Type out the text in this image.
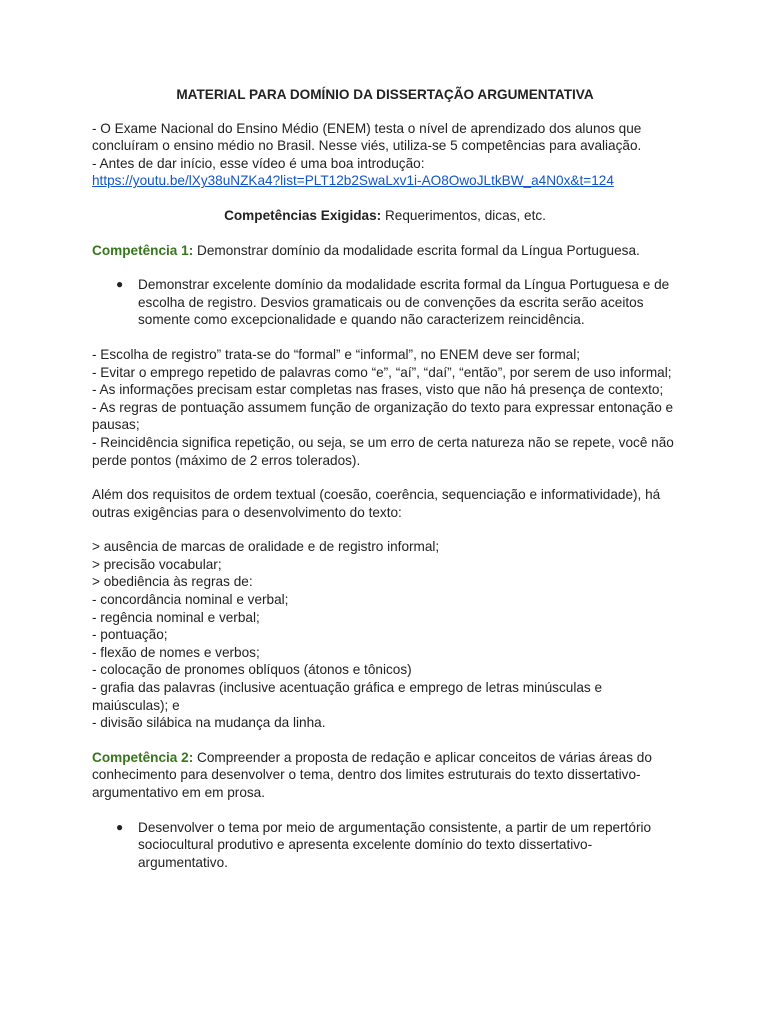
MATERIAL PARA DOMÍNIO DA DISSERTAÇÃO ARGUMENTATIVA

- O Exame Nacional do Ensino Médio (ENEM) testa o nível de aprendizado dos alunos que concluíram o ensino médio no Brasil. Nesse viés, utiliza-se 5 competências para avaliação.

- Antes de dar início, esse vídeo é uma boa introdução:

https://youtu.be/lXy38uNZKa4?list=PLT12b2SwaLxv1i-AO8OwoJLtkBW_a4N0x&t=124

Competências Exigidas: Requerimentos, dicas, etc.

Competência 1: Demonstrar domínio da modalidade escrita formal da Língua Portuguesa.

● Demonstrar excelente domínio da modalidade escrita formal da Língua Portuguesa e de escolha de registro. Desvios gramaticais ou de convenções da escrita serão aceitos somente como excepcionalidade e quando não caracterizem reincidência.

- Escolha de registro” trata-se do “formal” e “informal”, no ENEM deve ser formal;

- Evitar o emprego repetido de palavras como “e”, “aí”, “daí”, “então”, por serem de uso informal;

- As informações precisam estar completas nas frases, visto que não há presença de contexto;

- As regras de pontuação assumem função de organização do texto para expressar entonação e pausas;

- Reincidência significa repetição, ou seja, se um erro de certa natureza não se repete, você não perde pontos (máximo de 2 erros tolerados).

Além dos requisitos de ordem textual (coesão, coerência, sequenciação e informatividade), há outras exigências para o desenvolvimento do texto:

> ausência de marcas de oralidade e de registro informal;

> precisão vocabular;

> obediência às regras de:

- concordância nominal e verbal;

- regência nominal e verbal;

- pontuação;

- flexão de nomes e verbos;

- colocação de pronomes oblíquos (átonos e tônicos)

- grafia das palavras (inclusive acentuação gráfica e emprego de letras minúsculas e maiúsculas); e

- divisão silábica na mudança da linha.

Competência 2: Compreender a proposta de redação e aplicar conceitos de várias áreas do conhecimento para desenvolver o tema, dentro dos limites estruturais do texto dissertativo-argumentativo em em prosa.

● Desenvolver o tema por meio de argumentação consistente, a partir de um repertório sociocultural produtivo e apresenta excelente domínio do texto dissertativo-argumentativo.
